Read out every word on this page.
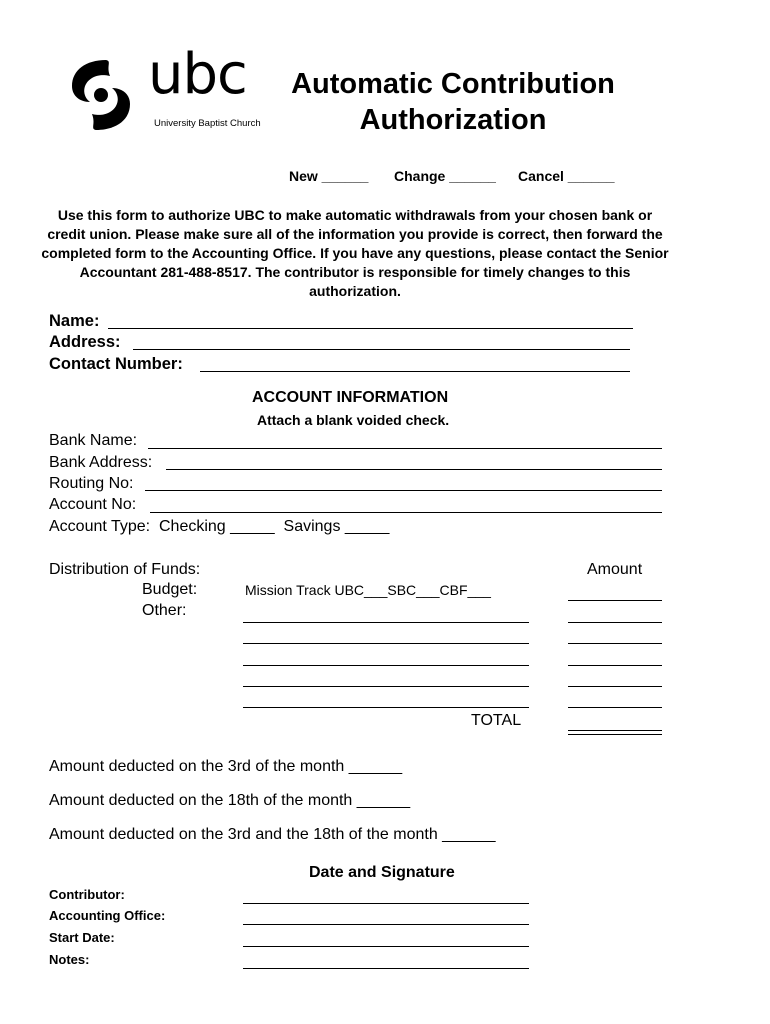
ubc
University Baptist Church
Automatic Contribution
Authorization
New ______ Change ______ Cancel ______
Use this form to authorize UBC to make automatic withdrawals from your chosen bank or credit union. Please make sure all of the information you provide is correct, then forward the completed form to the Accounting Office. If you have any questions, please contact the Senior Accountant 281-488-8517. The contributor is responsible for timely changes to this authorization.
Name:
Address:
Contact Number:
ACCOUNT INFORMATION
Attach a blank voided check.
Bank Name:
Bank Address:
Routing No:
Account No:
Account Type:  Checking _____  Savings _____
Distribution of Funds:	Amount
Budget:	Mission Track UBC___SBC___CBF___
Other:
TOTAL
Amount deducted on the 3rd of the month ______
Amount deducted on the 18th of the month ______
Amount deducted on the 3rd and the 18th of the month ______
Date and Signature
Contributor:
Accounting Office:
Start Date:
Notes:
